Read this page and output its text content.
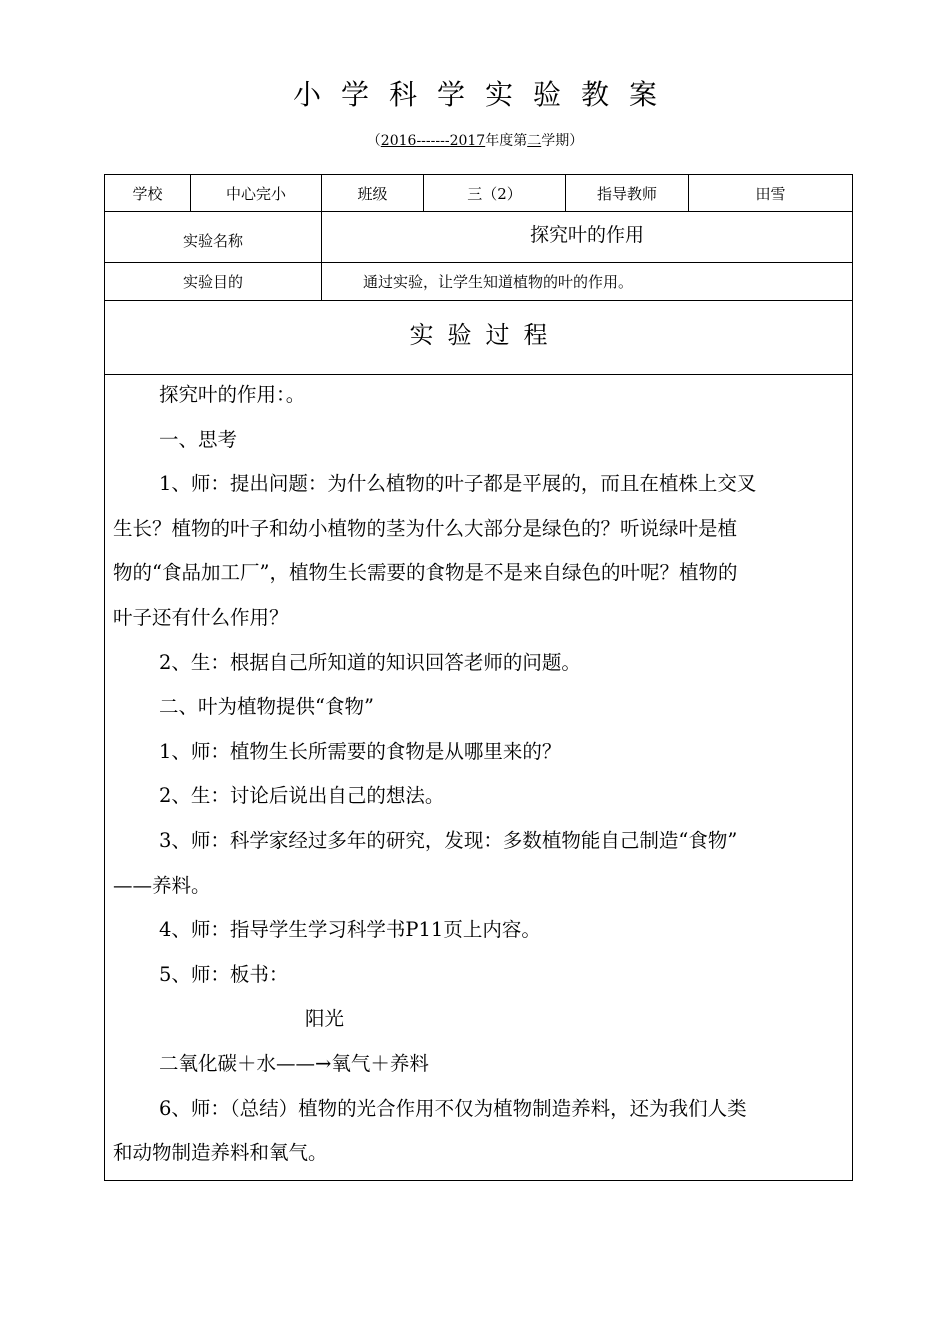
小学科学实验教案
（2016-------2017年度第二学期）
学校	中心完小	班级	三（2）	指导教师	田雪
实验名称	探究叶的作用
实验目的	通过实验，让学生知道植物的叶的作用。
实验过程

探究叶的作用：。

一、思考

1、师：提出问题：为什么植物的叶子都是平展的，而且在植株上交叉

生长？植物的叶子和幼小植物的茎为什么大部分是绿色的？听说绿叶是植

物的“食品加工厂”，植物生长需要的食物是不是来自绿色的叶呢？植物的

叶子还有什么作用？

2、生：根据自己所知道的知识回答老师的问题。

二、叶为植物提供“食物”

1、师：植物生长所需要的食物是从哪里来的？

2、生：讨论后说出自己的想法。

3、师：科学家经过多年的研究，发现：多数植物能自己制造“食物”

——养料。

4、师：指导学生学习科学书P11页上内容。

5、师：板书：

阳光

二氧化碳＋水——→氧气＋养料

6、师：（总结）植物的光合作用不仅为植物制造养料，还为我们人类

和动物制造养料和氧气。
